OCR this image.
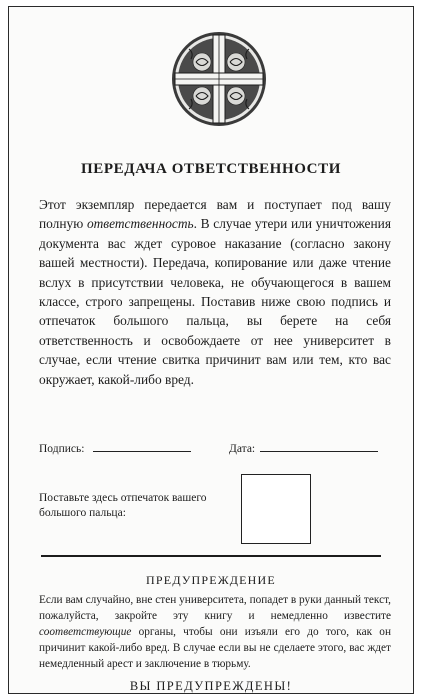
ПЕРЕДАЧА ОТВЕТСТВЕННОСТИ

Этот экземпляр передается вам и поступает под вашу полную ответственность. В случае утери или уничтожения документа вас ждет суровое наказание (согласно закону вашей местности). Передача, копирование или даже чтение вслух в присутствии человека, не обучающегося в вашем классе, строго запрещены. Поставив ниже свою подпись и отпечаток большого пальца, вы берете на себя ответственность и освобождаете от нее университет в случае, если чтение свитка причинит вам или тем, кто вас окружает, какой-либо вред.

Подпись:	Дата:

Поставьте здесь отпечаток вашего большого пальца:

ПРЕДУПРЕЖДЕНИЕ

Если вам случайно, вне стен университета, попадет в руки данный текст, пожалуйста, закройте эту книгу и немедленно известите соответствующие органы, чтобы они изъяли его до того, как он причинит какой-либо вред. В случае если вы не сделаете этого, вас ждет немедленный арест и заключение в тюрьму.

ВЫ ПРЕДУПРЕЖДЕНЫ!
